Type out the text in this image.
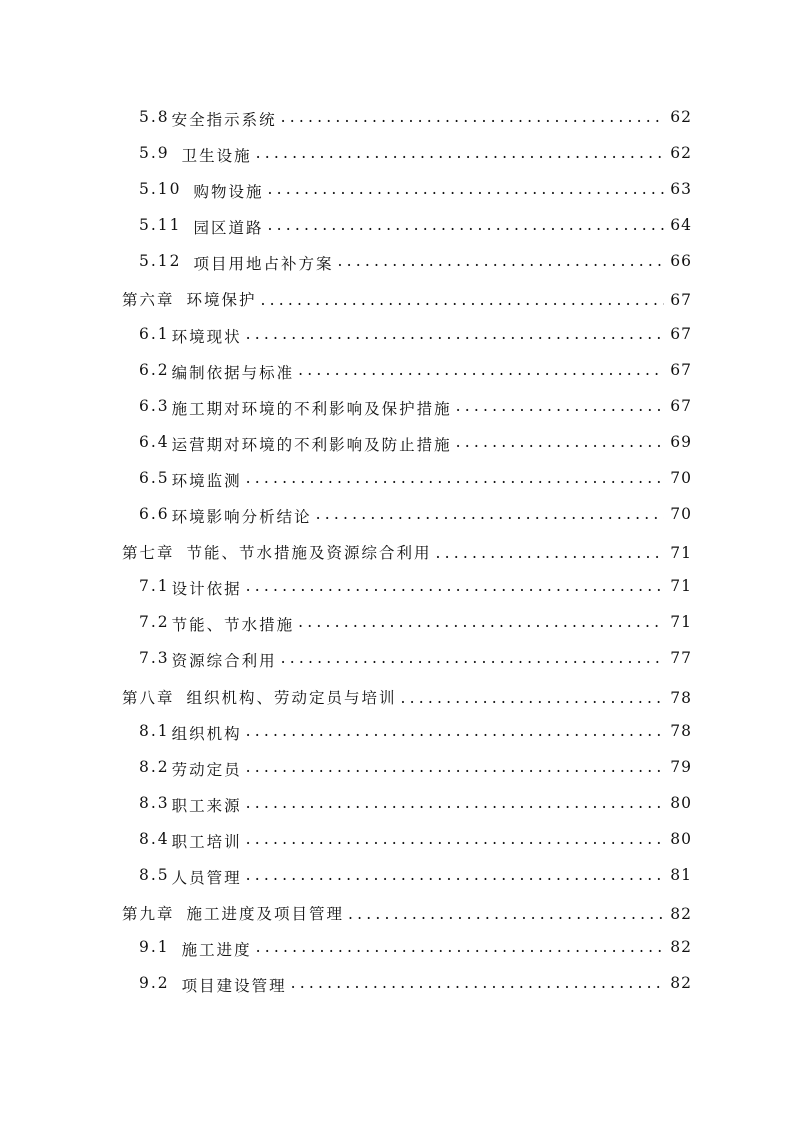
5.8 安全指示系统 .....	62
5.9 卫生设施 .....	62
5.10 购物设施 .....	63
5.11 园区道路 .....	64
5.12 项目用地占补方案 .....	66
第六章 环境保护 .....	67
6.1 环境现状 .....	67
6.2 编制依据与标准 .....	67
6.3 施工期对环境的不利影响及保护措施 .....	67
6.4 运营期对环境的不利影响及防止措施 .....	69
6.5 环境监测 .....	70
6.6 环境影响分析结论 .....	70
第七章 节能、节水措施及资源综合利用 .....	71
7.1 设计依据 .....	71
7.2 节能、节水措施 .....	71
7.3 资源综合利用 .....	77
第八章 组织机构、劳动定员与培训 .....	78
8.1 组织机构 .....	78
8.2 劳动定员 .....	79
8.3 职工来源 .....	80
8.4 职工培训 .....	80
8.5 人员管理 .....	81
第九章 施工进度及项目管理 .....	82
9.1 施工进度 .....	82
9.2 项目建设管理 .....	82
